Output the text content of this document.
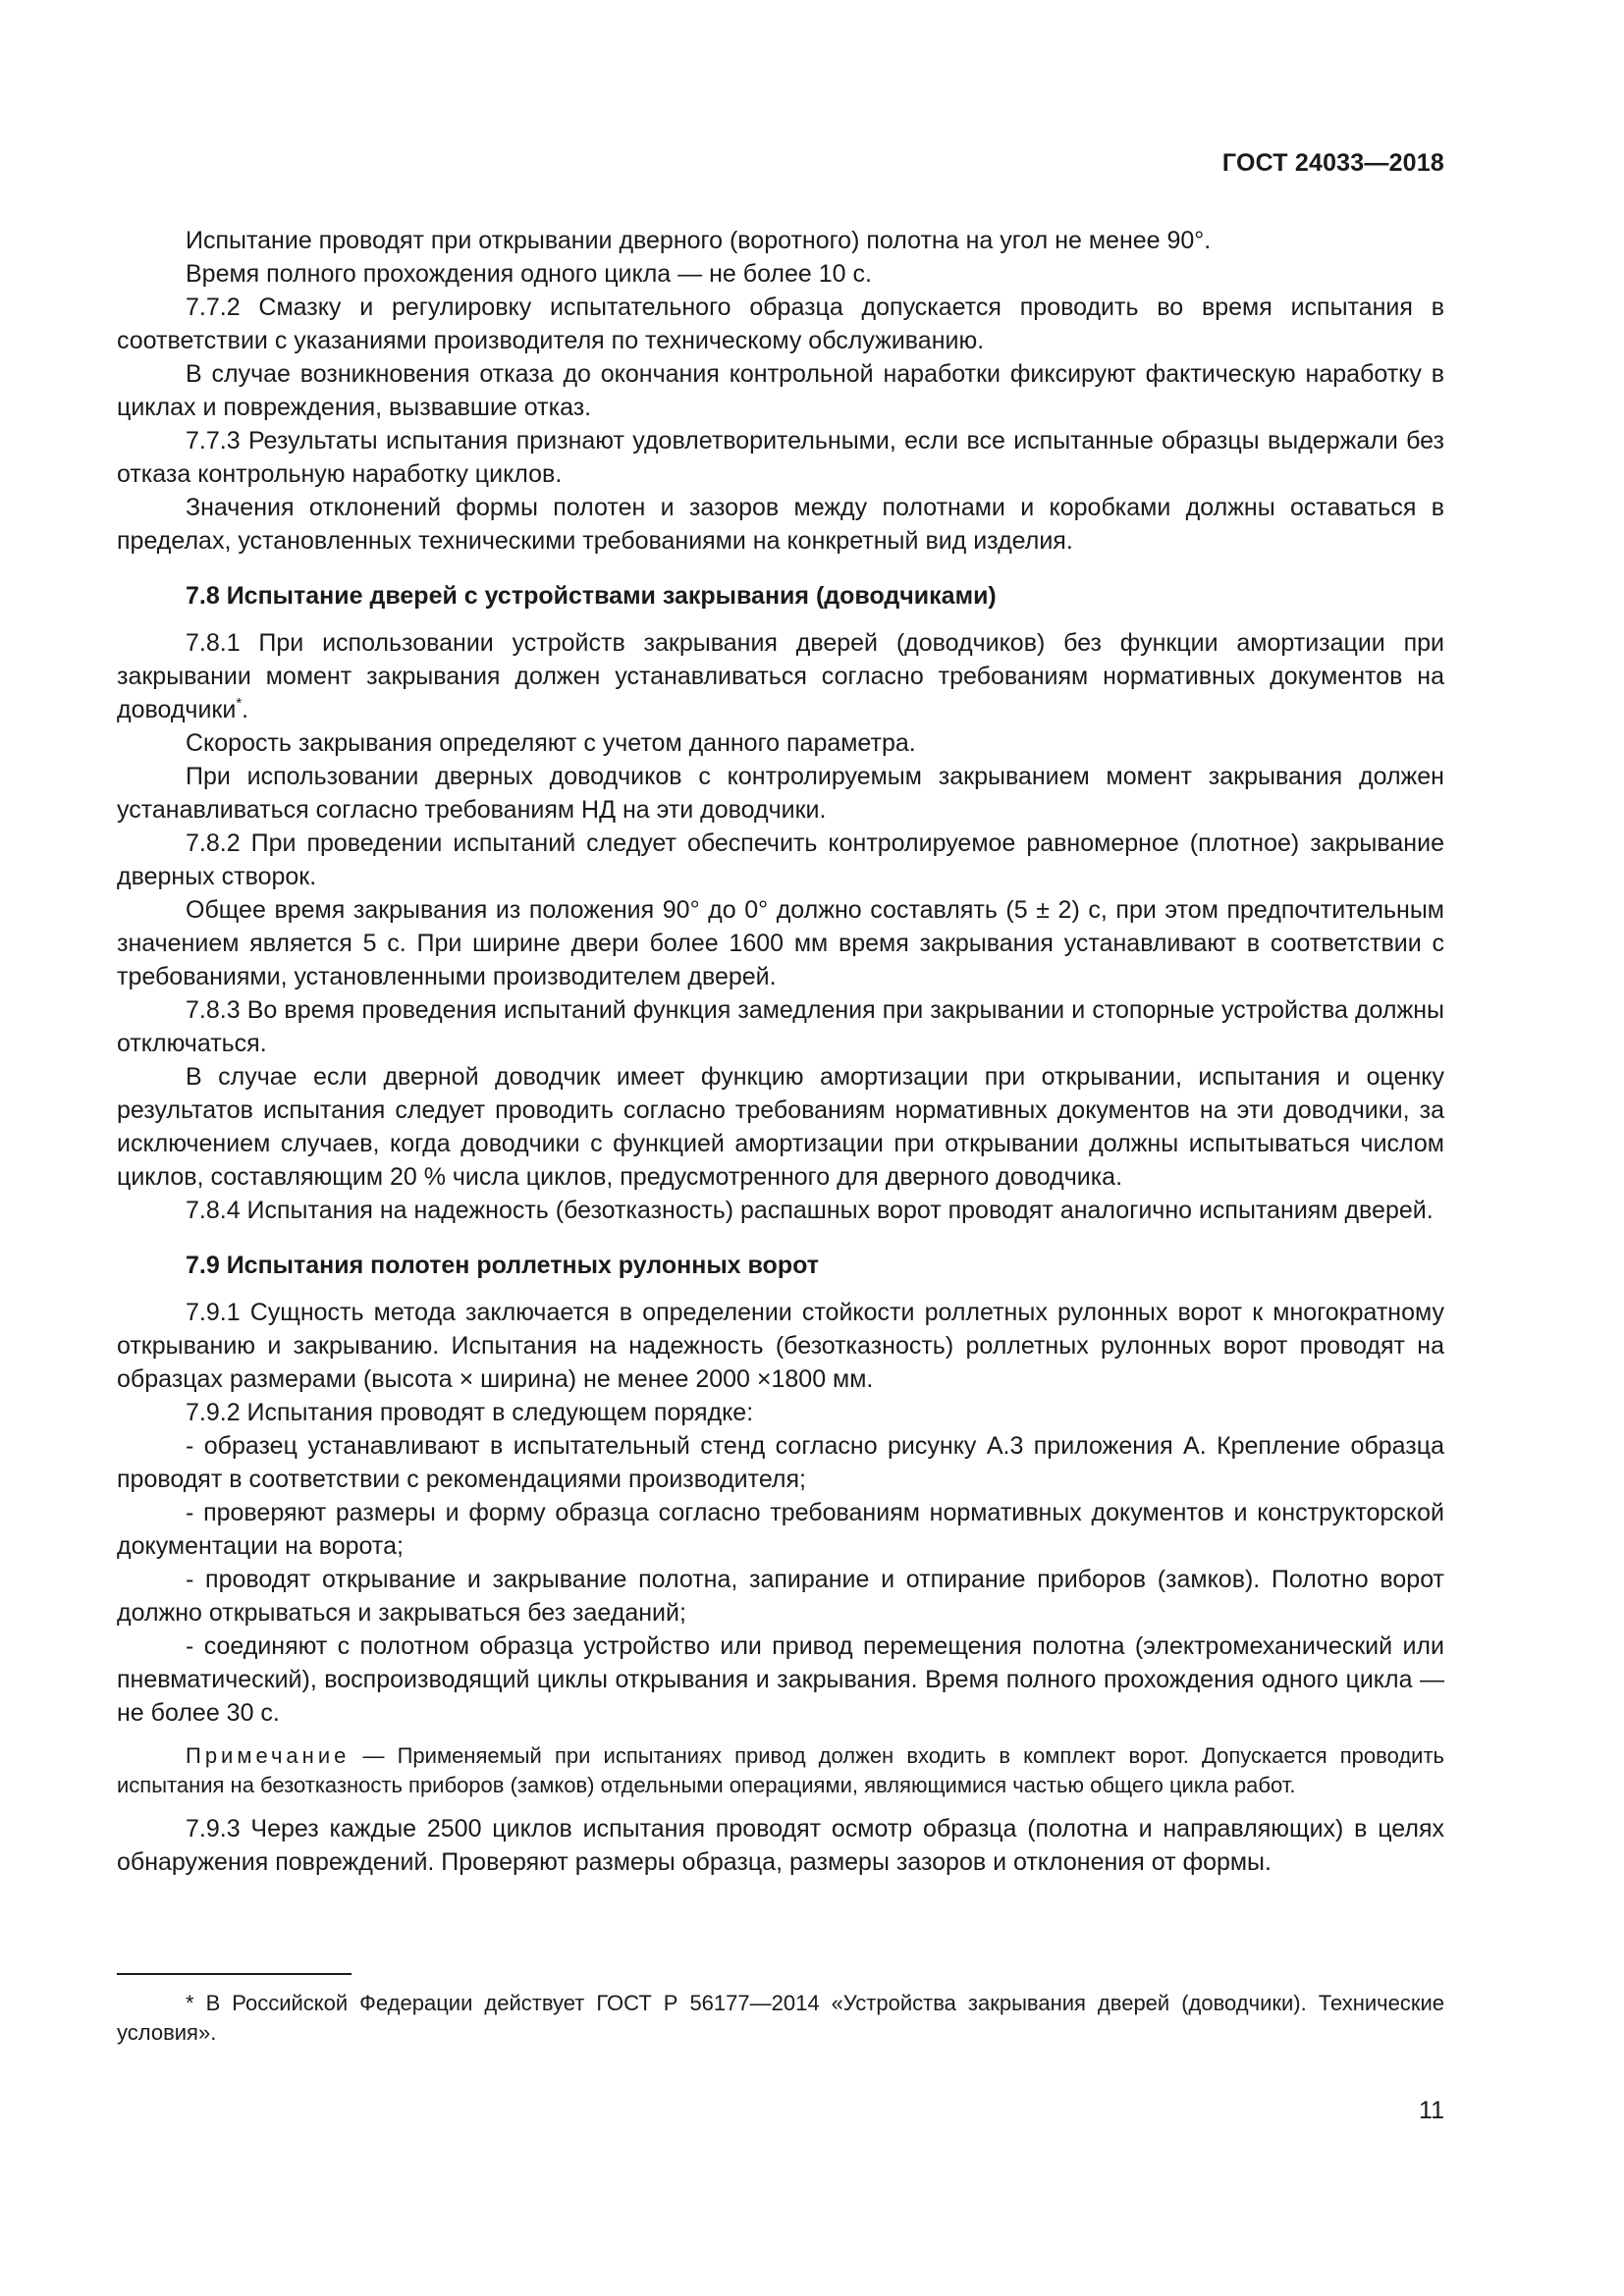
ГОСТ 24033—2018

Испытание проводят при открывании дверного (воротного) полотна на угол не менее 90°.

Время полного прохождения одного цикла — не более 10 с.

7.7.2 Смазку и регулировку испытательного образца допускается проводить во время испытания в соответствии с указаниями производителя по техническому обслуживанию.

В случае возникновения отказа до окончания контрольной наработки фиксируют фактическую наработку в циклах и повреждения, вызвавшие отказ.

7.7.3 Результаты испытания признают удовлетворительными, если все испытанные образцы выдержали без отказа контрольную наработку циклов.

Значения отклонений формы полотен и зазоров между полотнами и коробками должны оставаться в пределах, установленных техническими требованиями на конкретный вид изделия.

7.8 Испытание дверей с устройствами закрывания (доводчиками)

7.8.1 При использовании устройств закрывания дверей (доводчиков) без функции амортизации при закрывании момент закрывания должен устанавливаться согласно требованиям нормативных документов на доводчики*.

Скорость закрывания определяют с учетом данного параметра.

При использовании дверных доводчиков с контролируемым закрыванием момент закрывания должен устанавливаться согласно требованиям НД на эти доводчики.

7.8.2 При проведении испытаний следует обеспечить контролируемое равномерное (плотное) закрывание дверных створок.

Общее время закрывания из положения 90° до 0° должно составлять (5 ± 2) с, при этом предпочтительным значением является 5 с. При ширине двери более 1600 мм время закрывания устанавливают в соответствии с требованиями, установленными производителем дверей.

7.8.3 Во время проведения испытаний функция замедления при закрывании и стопорные устройства должны отключаться.

В случае если дверной доводчик имеет функцию амортизации при открывании, испытания и оценку результатов испытания следует проводить согласно требованиям нормативных документов на эти доводчики, за исключением случаев, когда доводчики с функцией амортизации при открывании должны испытываться числом циклов, составляющим 20 % числа циклов, предусмотренного для дверного доводчика.

7.8.4 Испытания на надежность (безотказность) распашных ворот проводят аналогично испытаниям дверей.

7.9 Испытания полотен роллетных рулонных ворот

7.9.1 Сущность метода заключается в определении стойкости роллетных рулонных ворот к многократному открыванию и закрыванию. Испытания на надежность (безотказность) роллетных рулонных ворот проводят на образцах размерами (высота × ширина) не менее 2000 ×1800 мм.

7.9.2 Испытания проводят в следующем порядке:

- образец устанавливают в испытательный стенд согласно рисунку А.3 приложения А. Крепление образца проводят в соответствии с рекомендациями производителя;

- проверяют размеры и форму образца согласно требованиям нормативных документов и конструкторской документации на ворота;

- проводят открывание и закрывание полотна, запирание и отпирание приборов (замков). Полотно ворот должно открываться и закрываться без заеданий;

- соединяют с полотном образца устройство или привод перемещения полотна (электромеханический или пневматический), воспроизводящий циклы открывания и закрывания. Время полного прохождения одного цикла — не более 30 с.

Примечание — Применяемый при испытаниях привод должен входить в комплект ворот. Допускается проводить испытания на безотказность приборов (замков) отдельными операциями, являющимися частью общего цикла работ.

7.9.3 Через каждые 2500 циклов испытания проводят осмотр образца (полотна и направляющих) в целях обнаружения повреждений. Проверяют размеры образца, размеры зазоров и отклонения от формы.

* В Российской Федерации действует ГОСТ Р 56177—2014 «Устройства закрывания дверей (доводчики). Технические условия».
11
